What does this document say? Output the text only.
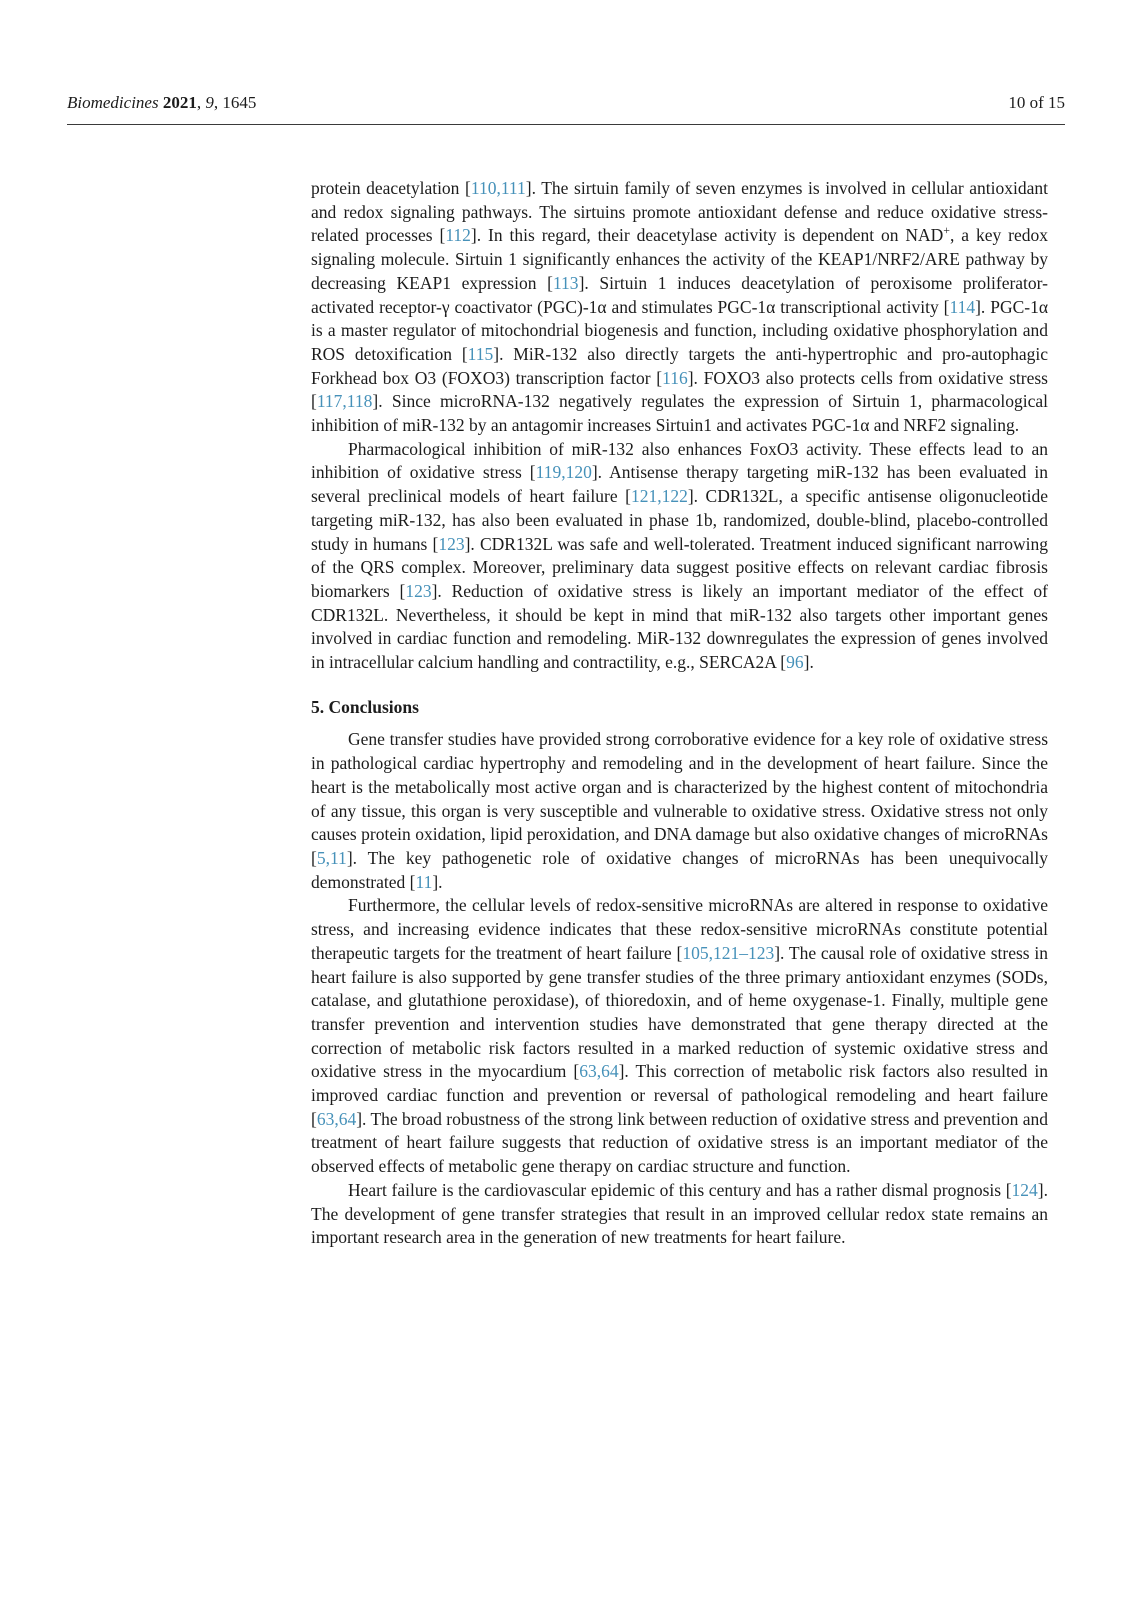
Biomedicines 2021, 9, 1645	10 of 15

protein deacetylation [110,111]. The sirtuin family of seven enzymes is involved in cellular antioxidant and redox signaling pathways. The sirtuins promote antioxidant defense and reduce oxidative stress-related processes [112]. In this regard, their deacetylase activity is dependent on NAD+, a key redox signaling molecule. Sirtuin 1 significantly enhances the activity of the KEAP1/NRF2/ARE pathway by decreasing KEAP1 expression [113]. Sirtuin 1 induces deacetylation of peroxisome proliferator-activated receptor-γ coactivator (PGC)-1α and stimulates PGC-1α transcriptional activity [114]. PGC-1α is a master regulator of mitochondrial biogenesis and function, including oxidative phosphorylation and ROS detoxification [115]. MiR-132 also directly targets the anti-hypertrophic and pro-autophagic Forkhead box O3 (FOXO3) transcription factor [116]. FOXO3 also protects cells from oxidative stress [117,118]. Since microRNA-132 negatively regulates the expression of Sirtuin 1, pharmacological inhibition of miR-132 by an antagomir increases Sirtuin1 and activates PGC-1α and NRF2 signaling.

Pharmacological inhibition of miR-132 also enhances FoxO3 activity. These effects lead to an inhibition of oxidative stress [119,120]. Antisense therapy targeting miR-132 has been evaluated in several preclinical models of heart failure [121,122]. CDR132L, a specific antisense oligonucleotide targeting miR-132, has also been evaluated in phase 1b, randomized, double-blind, placebo-controlled study in humans [123]. CDR132L was safe and well-tolerated. Treatment induced significant narrowing of the QRS complex. Moreover, preliminary data suggest positive effects on relevant cardiac fibrosis biomarkers [123]. Reduction of oxidative stress is likely an important mediator of the effect of CDR132L. Nevertheless, it should be kept in mind that miR-132 also targets other important genes involved in cardiac function and remodeling. MiR-132 downregulates the expression of genes involved in intracellular calcium handling and contractility, e.g., SERCA2A [96].

5. Conclusions

Gene transfer studies have provided strong corroborative evidence for a key role of oxidative stress in pathological cardiac hypertrophy and remodeling and in the development of heart failure. Since the heart is the metabolically most active organ and is characterized by the highest content of mitochondria of any tissue, this organ is very susceptible and vulnerable to oxidative stress. Oxidative stress not only causes protein oxidation, lipid peroxidation, and DNA damage but also oxidative changes of microRNAs [5,11]. The key pathogenetic role of oxidative changes of microRNAs has been unequivocally demonstrated [11].

Furthermore, the cellular levels of redox-sensitive microRNAs are altered in response to oxidative stress, and increasing evidence indicates that these redox-sensitive microRNAs constitute potential therapeutic targets for the treatment of heart failure [105,121–123]. The causal role of oxidative stress in heart failure is also supported by gene transfer studies of the three primary antioxidant enzymes (SODs, catalase, and glutathione peroxidase), of thioredoxin, and of heme oxygenase-1. Finally, multiple gene transfer prevention and intervention studies have demonstrated that gene therapy directed at the correction of metabolic risk factors resulted in a marked reduction of systemic oxidative stress and oxidative stress in the myocardium [63,64]. This correction of metabolic risk factors also resulted in improved cardiac function and prevention or reversal of pathological remodeling and heart failure [63,64]. The broad robustness of the strong link between reduction of oxidative stress and prevention and treatment of heart failure suggests that reduction of oxidative stress is an important mediator of the observed effects of metabolic gene therapy on cardiac structure and function.

Heart failure is the cardiovascular epidemic of this century and has a rather dismal prognosis [124]. The development of gene transfer strategies that result in an improved cellular redox state remains an important research area in the generation of new treatments for heart failure.
